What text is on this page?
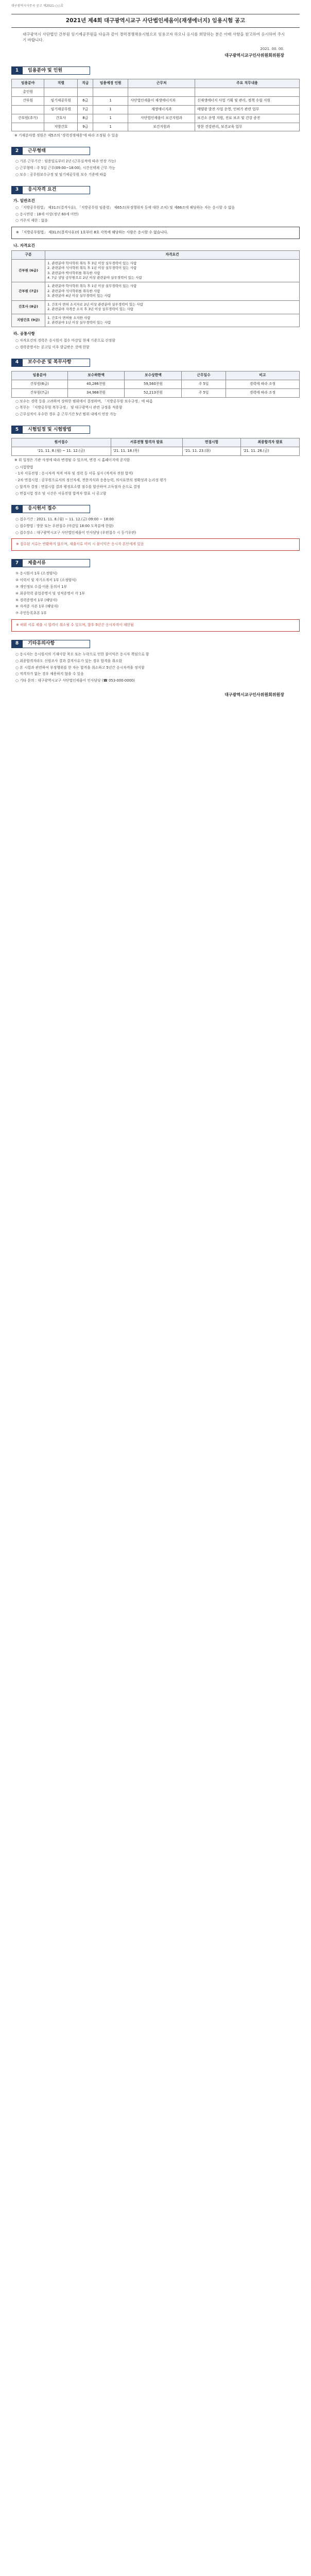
대구광역시사무국 공고 제2021-○○호
2021년 제4회 대구광역시교구 사단법인세움이(재생에너지) 임용시험 공고
대구광역시 사단법인 간부원 임기제공무원을 다음과 같이 경력경쟁채용시험으로 임용코자 하오니 응시를 희망하는 분은 아래 사항을 참고하여 응시하여 주시기 바랍니다.
2021. 00. 00.
대구광역시교구인사위원회위원장
1	임용분야 및 인원
임용분야	직렬	직급	임용예정 인원	근무처	주요 직무내용
총인원					
간부원	임기제공무원	6급	1	사단법인세움이 재생에너지과	신재생에너지 사업 기획 및 관리, 정책 수립 지원
	임기제공무원	7급	1	재생에너지과	태양광 발전 사업 운영, 인허가 관련 업무
간부원(추가)	간호사	8급	1	사단법인세움이 보건지원과	보건소 운영 지원, 진료 보조 및 건강 증진
	지방간호	9급	1	보건지원과	방문 건강관리, 보건교육 업무
※ 기재분야별 정원은 제5조의 '경력경쟁채용'에 따라 조정될 수 있음
2	근무형태

○ 기본 근무기간 : 임용일로부터 2년 (근무실적에 따라 연장 가능)

○ 근무형태 : 주 5일 근무(09:00~18:00), 시간선택제 근무 가능

○ 보수 : 공무원보수규정 및 임기제공무원 보수 기준에 따름

3	응시자격 요건
가. 일반조건

○ 「지방공무원법」 제31조(결격사유), 「지방공무원 임용령」 제65조(부정행위자 등에 대한 조치) 및 제66조에 해당하는 자는 응시할 수 없음

○ 응시연령 : 18세 이상(정년 60세 미만)

○ 거주지 제한 : 없음

※ 「지방공무원법」 제31조(결격사유)의 1호부터 8호 각목에 해당하는 사람은 응시할 수 없습니다.
나. 자격요건
구분	자격요건
간부원 (6급)	1. 관련분야 학사학위 취득 후 3년 이상 실무경력이 있는 사람
2. 관련분야 석사학위 취득 후 1년 이상 실무경력이 있는 사람
3. 관련분야 박사학위를 취득한 사람
4. 7급 상당 공무원으로 2년 이상 관련분야 실무경력이 있는 사람
간부원 (7급)	1. 관련분야 학사학위 취득 후 1년 이상 실무경력이 있는 사람
2. 관련분야 석사학위를 취득한 사람
3. 관련분야 4년 이상 실무경력이 있는 사람
간호사 (8급)	1. 간호사 면허 소지자로 2년 이상 관련분야 실무경력이 있는 사람
2. 관련분야 자격증 소지 후 3년 이상 실무경력이 있는 사람
지방간호 (9급)	1. 간호사 면허를 소지한 사람
2. 관련분야 1년 이상 실무경력이 있는 사람
라. 공통사항

○ 자격요건의 경력은 응시원서 접수 마감일 현재 기준으로 산정함

○ 경력증명서는 공고일 이후 발급받은 것에 한함

4	보수수준 및 복무사항
임용분야	보수하한액	보수상한액	근무일수	비고
간부원(6급)	40,286천원	59,560천원	주 5일	경력에 따라 조정
간부원(7급)	34,968천원	52,213천원	주 5일	경력에 따라 조정

○ 보수는 경력 등을 고려하여 상하한 범위에서 결정하며, 「지방공무원 보수규정」에 따름

○ 복무는 「지방공무원 복무규정」 및 대구광역시 관련 규정을 적용함

○ 근무실적이 우수한 경우 총 근무기간 5년 범위 내에서 연장 가능

5	시험일정 및 시험방법
원서접수	서류전형 합격자 발표	면접시험	최종합격자 발표
'21. 11. 8.(월) ~ 11. 12.(금)	'21. 11. 18.(목)	'21. 11. 23.(화)	'21. 11. 26.(금)
※ 위 일정은 기관 사정에 따라 변경될 수 있으며, 변경 시 홈페이지에 공지함

○ 시험방법

- 1차 서류전형 : 응시자격 적격 여부 및 경력 등 서류 심사 (적격자 전원 합격)

- 2차 면접시험 : 공무원으로서의 정신자세, 전문지식과 응용능력, 의사표현의 정확성과 논리성 평가

○ 합격자 결정 : 면접시험 결과 평정요소별 점수를 합산하여 고득점자 순으로 결정

○ 면접시험 장소 및 시간은 서류전형 합격자 발표 시 공고함

6	응시원서 접수

○ 접수기간 : 2021. 11. 8.(월) ~ 11. 12.(금) 09:00 ~ 18:00

○ 접수방법 : 방문 또는 우편접수 (마감일 18:00 도착분에 한함)

○ 접수장소 : 대구광역시교구 사단법인세움이 인사담당 (우편접수 시 등기우편)

※ 접수된 서류는 반환하지 않으며, 제출서류 미비 시 불이익은 응시자 본인에게 있음
7	제출서류

① 응시원서 1부 (소정양식)

② 이력서 및 자기소개서 1부 (소정양식)

③ 개인정보 수집·이용 동의서 1부

④ 최종학력 졸업증명서 및 성적증명서 각 1부

⑤ 경력증명서 1부 (해당자)

⑥ 자격증 사본 1부 (해당자)

⑦ 주민등록초본 1부

※ 허위 서류 제출 시 합격이 취소될 수 있으며, 향후 5년간 응시자격이 제한됨
8	기타유의사항

○ 응시자는 응시원서의 기재사항 착오 또는 누락으로 인한 불이익은 응시자 책임으로 함

○ 최종합격자라도 신원조사 결과 결격사유가 있는 경우 합격을 취소함

○ 본 시험과 관련하여 부정행위를 한 자는 합격을 취소하고 5년간 응시자격을 정지함

○ 적격자가 없는 경우 채용하지 않을 수 있음

○ 기타 문의 : 대구광역시교구 사단법인세움이 인사담당 (☎ 053-000-0000)

대구광역시교구인사위원회위원장
